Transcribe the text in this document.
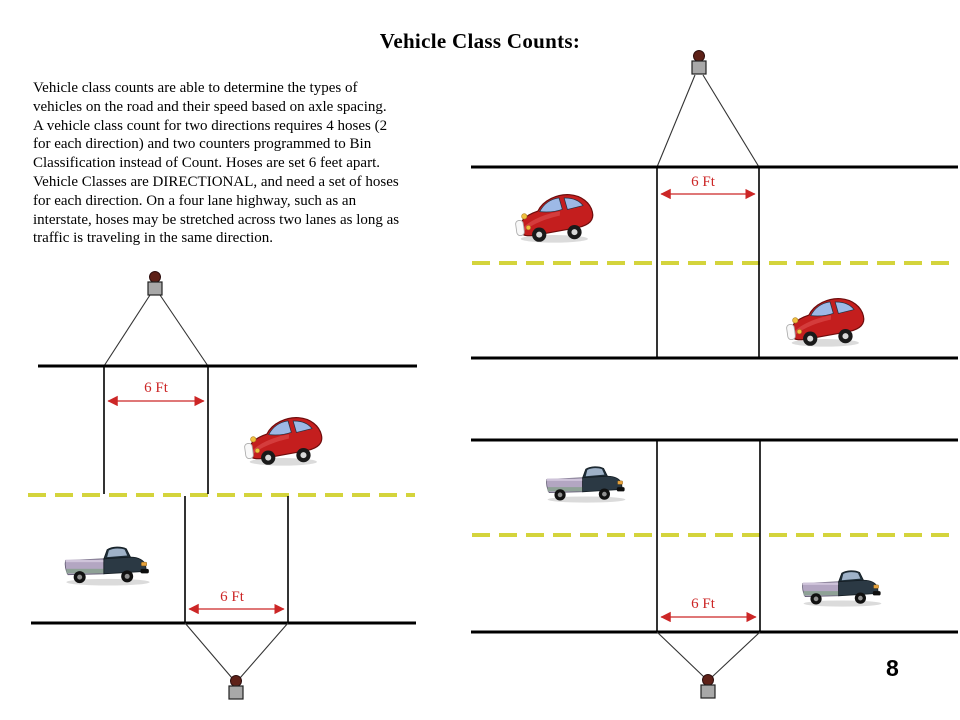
Vehicle Class Counts:
Vehicle class counts are able to determine the types of
vehicles on the road and their speed based on axle spacing.
A vehicle class count for two directions requires 4 hoses (2
for each direction) and two counters programmed to Bin
Classification instead of Count. Hoses are set 6 feet apart.
Vehicle Classes are DIRECTIONAL, and need a set of hoses
for each direction. On a four lane highway, such as an
interstate, hoses may be stretched across two lanes as long as
traffic is traveling in the same direction.
6 Ft
6 Ft
6 Ft
6 Ft
8
